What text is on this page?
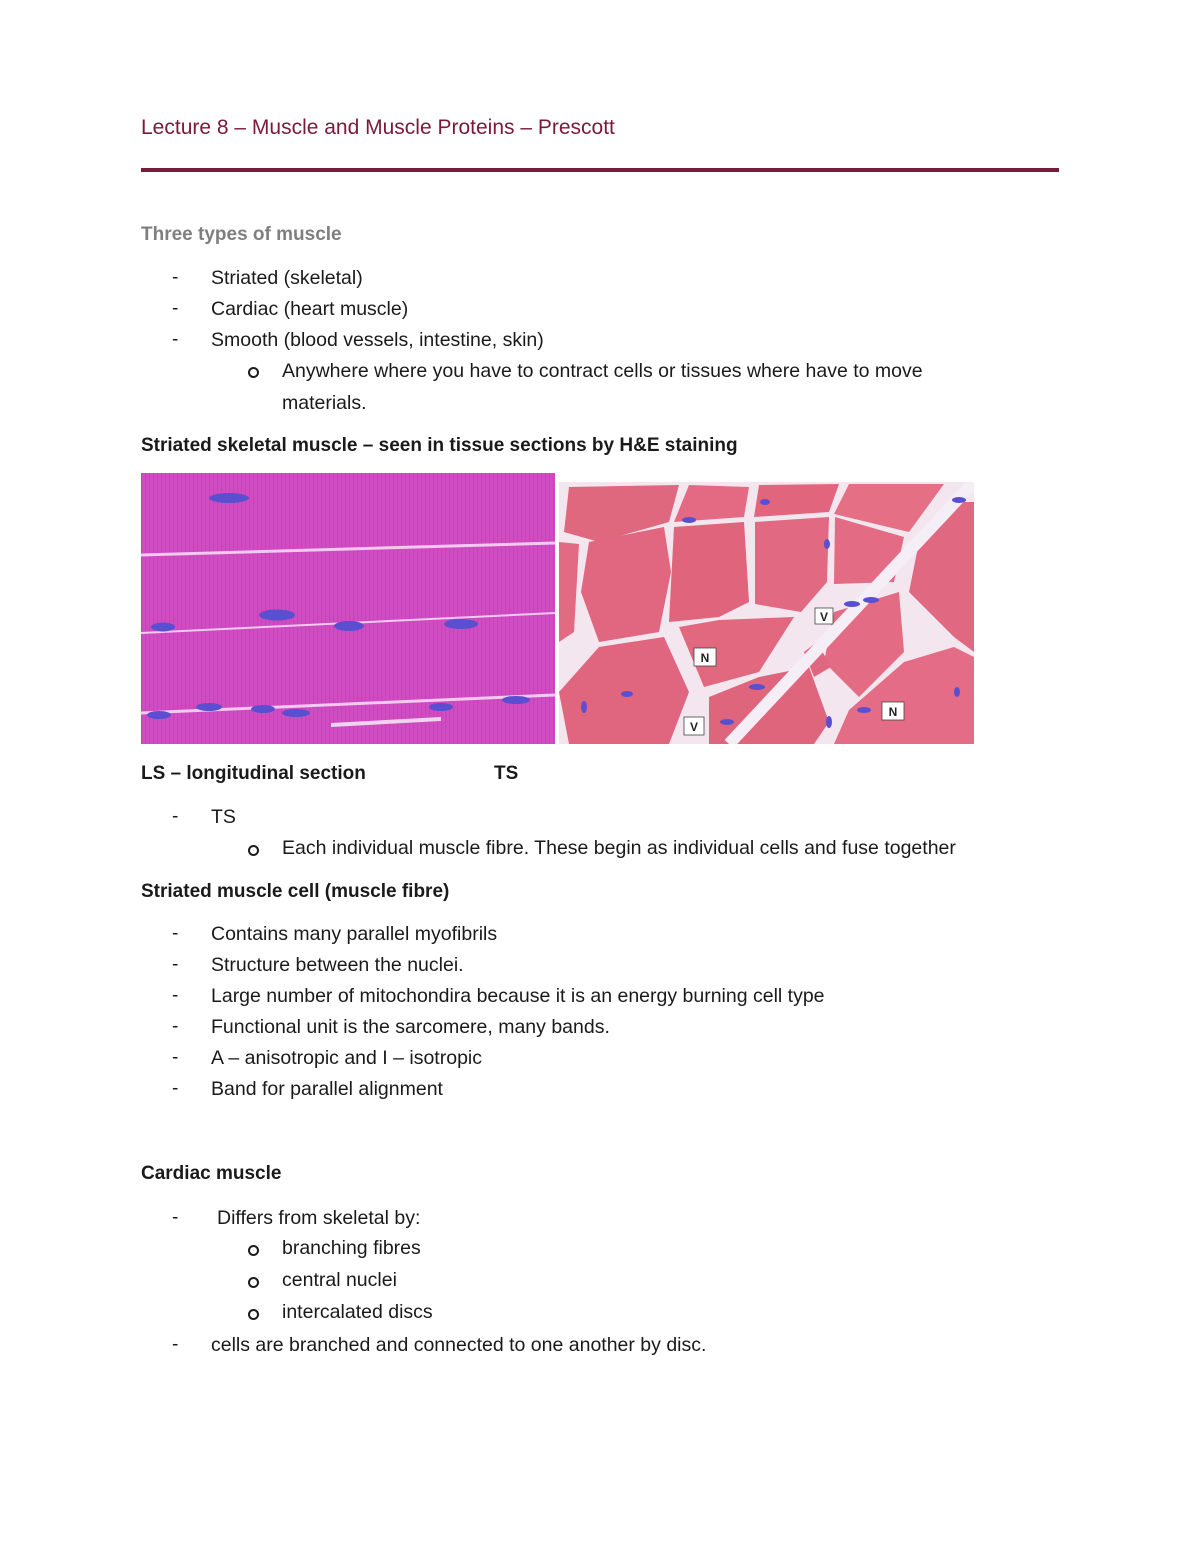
Lecture 8 – Muscle and Muscle Proteins – Prescott
Three types of muscle
- Striated (skeletal)
- Cardiac (heart muscle)
- Smooth (blood vessels, intestine, skin)
Anywhere where you have to contract cells or tissues where have to move
materials.
Striated skeletal muscle – seen in tissue sections by H&E staining
V
N
V
N
LS – longitudinal section	TS
- TS
Each individual muscle fibre. These begin as individual cells and fuse together
Striated muscle cell (muscle fibre)
- Contains many parallel myofibrils
- Structure between the nuclei.
- Large number of mitochondira because it is an energy burning cell type
- Functional unit is the sarcomere, many bands.
- A – anisotropic and I – isotropic
- Band for parallel alignment
Cardiac muscle
- Differs from skeletal by:
branching fibres
central nuclei
intercalated discs
- cells are branched and connected to one another by disc.
